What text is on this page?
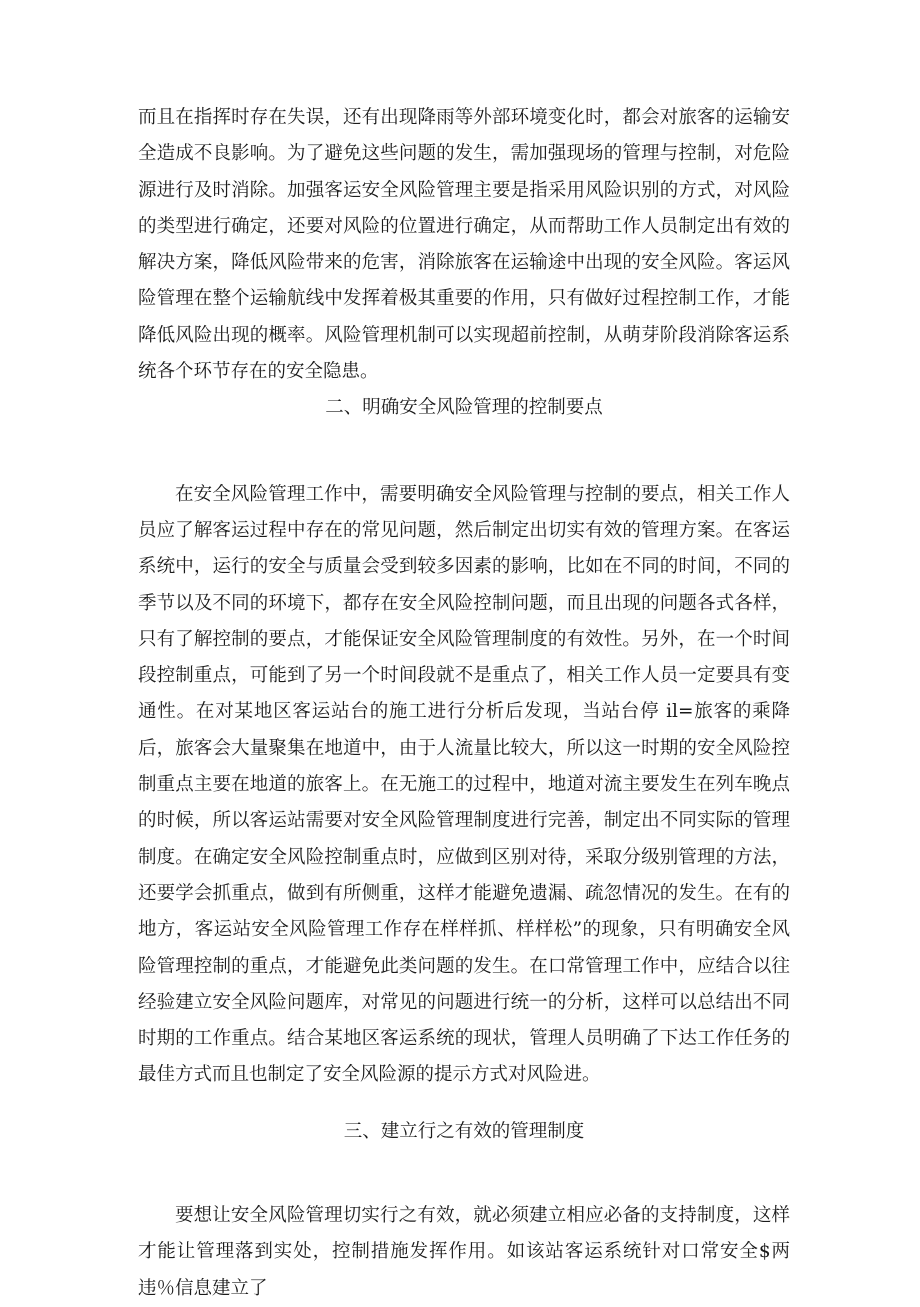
而且在指挥时存在失误，还有出现降雨等外部环境变化时，都会对旅客的运输安全造成不良影响。为了避免这些问题的发生，需加强现场的管理与控制，对危险源进行及时消除。加强客运安全风险管理主要是指采用风险识别的方式，对风险的类型进行确定，还要对风险的位置进行确定，从而帮助工作人员制定出有效的解决方案，降低风险带来的危害，消除旅客在运输途中出现的安全风险。客运风险管理在整个运输航线中发挥着极其重要的作用，只有做好过程控制工作，才能降低风险出现的概率。风险管理机制可以实现超前控制，从萌芽阶段消除客运系统各个环节存在的安全隐患。

二、明确安全风险管理的控制要点

在安全风险管理工作中，需要明确安全风险管理与控制的要点，相关工作人员应了解客运过程中存在的常见问题，然后制定出切实有效的管理方案。在客运系统中，运行的安全与质量会受到较多因素的影响，比如在不同的时间，不同的季节以及不同的环境下，都存在安全风险控制问题，而且出现的问题各式各样，只有了解控制的要点，才能保证安全风险管理制度的有效性。另外，在一个时间段控制重点，可能到了另一个时间段就不是重点了，相关工作人员一定要具有变通性。在对某地区客运站台的施工进行分析后发现，当站台停 il=旅客的乘降后，旅客会大量聚集在地道中，由于人流量比较大，所以这一时期的安全风险控制重点主要在地道的旅客上。在无施工的过程中，地道对流主要发生在列车晚点的时候，所以客运站需要对安全风险管理制度进行完善，制定出不同实际的管理制度。在确定安全风险控制重点时，应做到区别对待，采取分级别管理的方法，还要学会抓重点，做到有所侧重，这样才能避免遗漏、疏忽情况的发生。在有的地方，客运站安全风险管理工作存在样样抓、样样松”的现象，只有明确安全风险管理控制的重点，才能避免此类问题的发生。在口常管理工作中，应结合以往经验建立安全风险问题库，对常见的问题进行统一的分析，这样可以总结出不同时期的工作重点。结合某地区客运系统的现状，管理人员明确了下达工作任务的最佳方式而且也制定了安全风险源的提示方式对风险进。

三、建立行之有效的管理制度

要想让安全风险管理切实行之有效，就必须建立相应必备的支持制度，这样才能让管理落到实处，控制措施发挥作用。如该站客运系统针对口常安全$两违％信息建立了
